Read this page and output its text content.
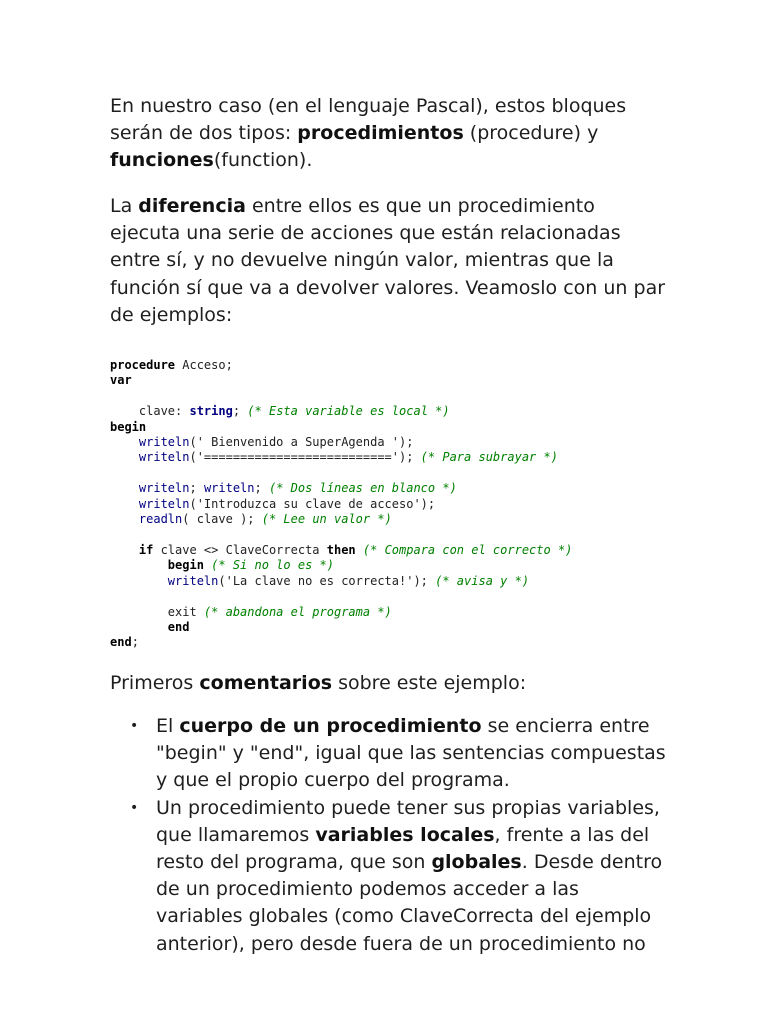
En nuestro caso (en el lenguaje Pascal), estos bloques serán de dos tipos: procedimientos (procedure) y funciones(function).

La diferencia entre ellos es que un procedimiento ejecuta una serie de acciones que están relacionadas entre sí, y no devuelve ningún valor, mientras que la función sí que va a devolver valores. Veamoslo con un par de ejemplos:

procedure Acceso;
var

clave: string; (* Esta variable es local *)
begin
writeln(' Bienvenido a SuperAgenda ');
writeln('=========================='); (* Para subrayar *)

writeln; writeln; (* Dos líneas en blanco *)
writeln('Introduzca su clave de acceso');
readln( clave ); (* Lee un valor *)

if clave <> ClaveCorrecta then (* Compara con el correcto *)
begin (* Si no lo es *)
writeln('La clave no es correcta!'); (* avisa y *)

exit (* abandona el programa *)
end
end;

Primeros comentarios sobre este ejemplo:

• El cuerpo de un procedimiento se encierra entre "begin" y "end", igual que las sentencias compuestas y que el propio cuerpo del programa.
• Un procedimiento puede tener sus propias variables, que llamaremos variables locales, frente a las del resto del programa, que son globales. Desde dentro de un procedimiento podemos acceder a las variables globales (como ClaveCorrecta del ejemplo anterior), pero desde fuera de un procedimiento no
